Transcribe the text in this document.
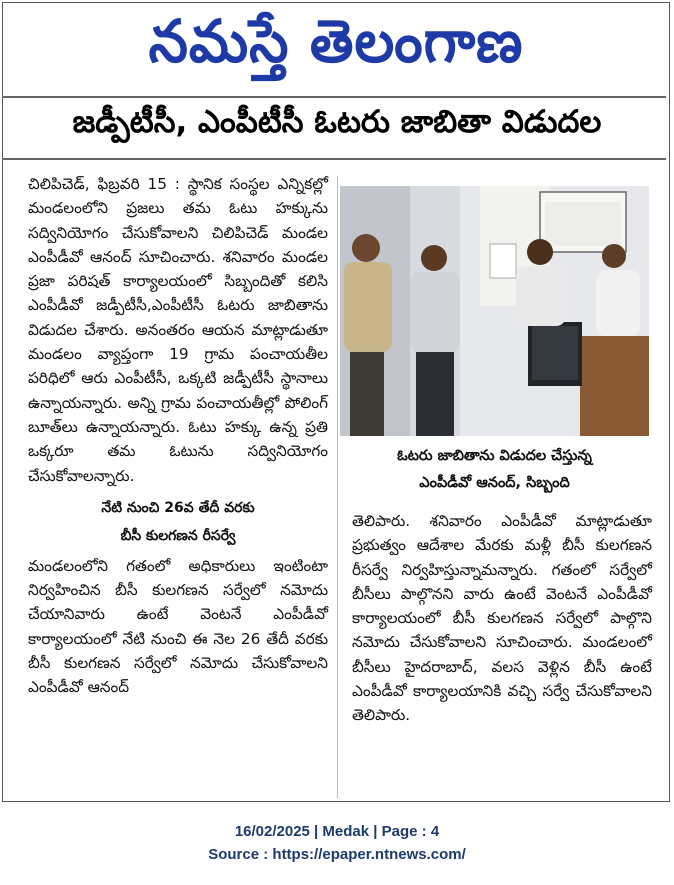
నమస్తే తెలంగాణ
జడ్పీటీసీ, ఎంపీటీసీ ఓటరు జాబితా విడుదల

చిలిపిచెడ్, ఫిబ్రవరి 15 : స్థానిక సంస్థల ఎన్నికల్లో మండలంలోని ప్రజలు తమ ఓటు హక్కును సద్వినియోగం చేసుకోవాలని చిలిపిచెడ్ మండల ఎంపీడీవో ఆనంద్ సూచించారు. శనివారం మండల ప్రజా పరిషత్ కార్యాలయంలో సిబ్బందితో కలిసి ఎంపీడీవో జడ్పీటీసీ,ఎంపీటీసీ ఓటరు జాబితాను విడుదల చేశారు. అనంతరం ఆయన మాట్లాడుతూ మండలం వ్యాప్తంగా 19 గ్రామ పంచాయతీల పరిధిలో ఆరు ఎంపీటీసీ, ఒక్కటి జడ్పీటీసీ స్థానాలు ఉన్నాయన్నారు. అన్ని గ్రామ పంచాయతీల్లో పోలింగ్ బూత్‌లు ఉన్నాయన్నారు. ఓటు హక్కు ఉన్న ప్రతి ఒక్కరూ తమ ఓటును సద్వినియోగం చేసుకోవాలన్నారు.

నేటి నుంచి 26వ తేదీ వరకు
బీసీ కులగణన రీసర్వే

మండలంలోని గతంలో అధికారులు ఇంటింటా నిర్వహించిన బీసీ కులగణన సర్వేలో నమోదు చేయానివారు ఉంటే వెంటనే ఎంపీడీవో కార్యాలయంలో నేటి నుంచి ఈ నెల 26 తేదీ వరకు బీసీ కులగణన సర్వేలో నమోదు చేసుకోవాలని ఎంపీడీవో ఆనంద్

ఓటరు జాబితాను విడుదల చేస్తున్న
ఎంపీడీవో ఆనంద్, సిబ్బంది

తెలిపారు. శనివారం ఎంపీడీవో మాట్లాడుతూ ప్రభుత్వం ఆదేశాల మేరకు మళ్లీ బీసీ కులగణన రీసర్వే నిర్వహిస్తున్నామన్నారు. గతంలో సర్వేలో బీసీలు పాల్గొనని వారు ఉంటే వెంటనే ఎంపీడీవో కార్యాలయంలో బీసీ కులగణన సర్వేలో పాల్గొని నమోదు చేసుకోవాలని సూచించారు. మండలంలో బీసీలు హైదరాబాద్, వలస వెళ్లిన బీసీ ఉంటే ఎంపీడీవో కార్యాలయానికి వచ్చి సర్వే చేసుకోవాలని తెలిపారు.

16/02/2025 | Medak | Page : 4
Source : https://epaper.ntnews.com/
